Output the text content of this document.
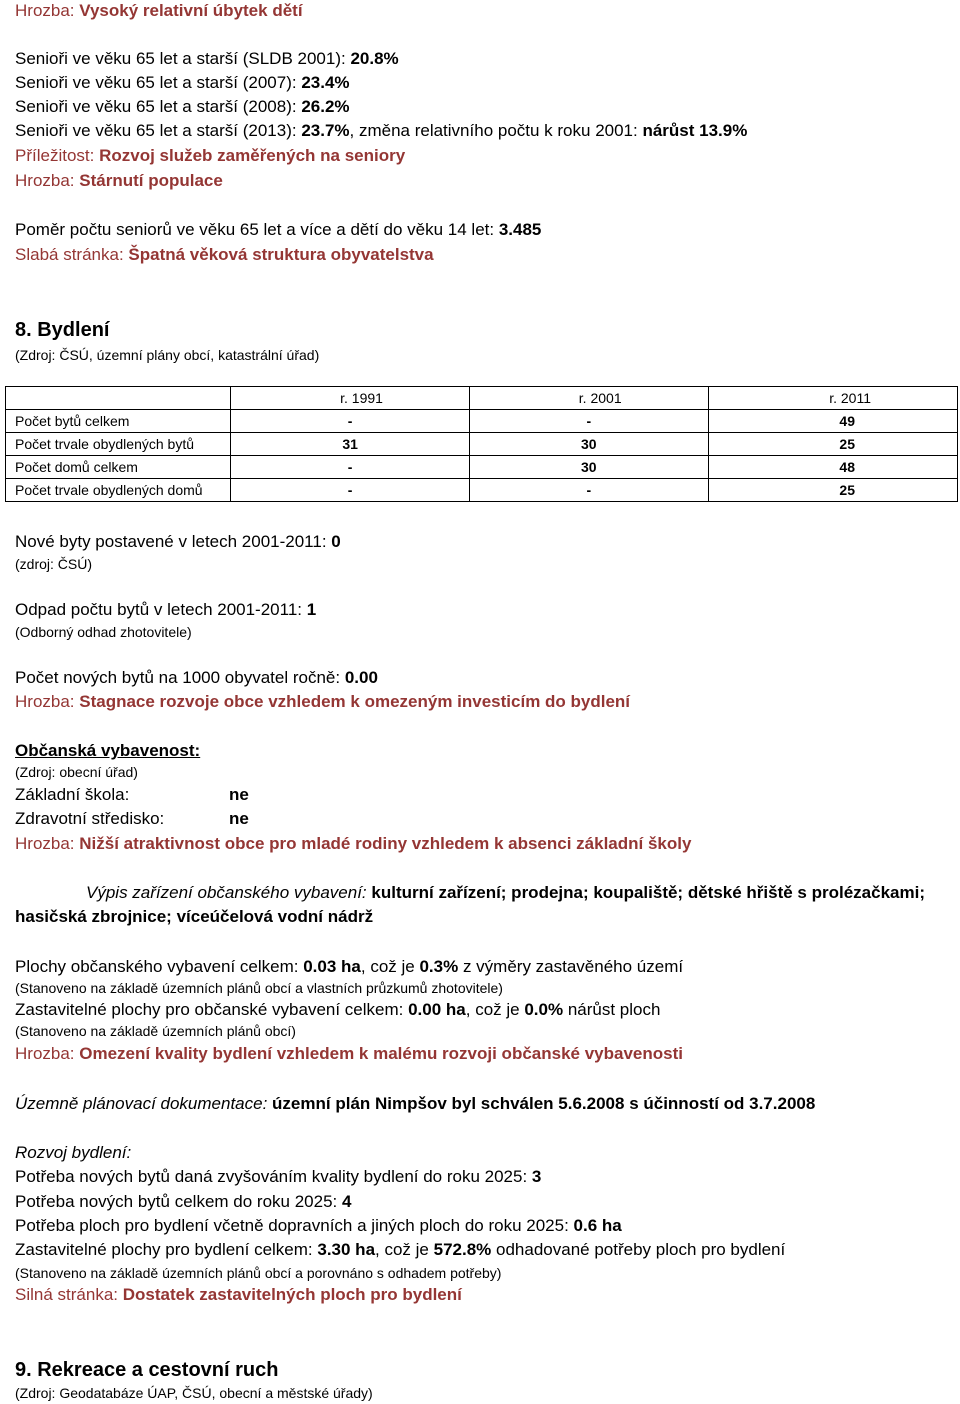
Hrozba: Vysoký relativní úbytek dětí
Senioři ve věku 65 let a starší (SLDB 2001): 20.8%
Senioři ve věku 65 let a starší (2007): 23.4%
Senioři ve věku 65 let a starší (2008): 26.2%
Senioři ve věku 65 let a starší (2013): 23.7%, změna relativního počtu k roku 2001: nárůst 13.9%
Příležitost: Rozvoj služeb zaměřených na seniory
Hrozba: Stárnutí populace
Poměr počtu seniorů ve věku 65 let a více a dětí do věku 14 let: 3.485
Slabá stránka: Špatná věková struktura obyvatelstva
8. Bydlení
(Zdroj: ČSÚ, územní plány obcí, katastrální úřad)
	r. 1991	r. 2001	r. 2011
Počet bytů celkem	-	-	49
Počet trvale obydlených bytů	31	30	25
Počet domů celkem	-	30	48
Počet trvale obydlených domů	-	-	25
Nové byty postavené v letech 2001-2011: 0
(zdroj: ČSÚ)
Odpad počtu bytů v letech 2001-2011: 1
(Odborný odhad zhotovitele)
Počet nových bytů na 1000 obyvatel ročně: 0.00
Hrozba: Stagnace rozvoje obce vzhledem k omezeným investicím do bydlení
Občanská vybavenost:
(Zdroj: obecní úřad)
Základní škola:	ne
Zdravotní středisko:	ne
Hrozba: Nižší atraktivnost obce pro mladé rodiny vzhledem k absenci základní školy
Výpis zařízení občanského vybavení: kulturní zařízení; prodejna; koupaliště; dětské hřiště s prolézačkami;
hasičská zbrojnice; víceúčelová vodní nádrž
Plochy občanského vybavení celkem: 0.03 ha, což je 0.3% z výměry zastavěného území
(Stanoveno na základě územních plánů obcí a vlastních průzkumů zhotovitele)
Zastavitelné plochy pro občanské vybavení celkem: 0.00 ha, což je 0.0% nárůst ploch
(Stanoveno na základě územních plánů obcí)
Hrozba: Omezení kvality bydlení vzhledem k malému rozvoji občanské vybavenosti
Územně plánovací dokumentace: územní plán Nimpšov byl schválen 5.6.2008 s účinností od 3.7.2008
Rozvoj bydlení:
Potřeba nových bytů daná zvyšováním kvality bydlení do roku 2025: 3
Potřeba nových bytů celkem do roku 2025: 4
Potřeba ploch pro bydlení včetně dopravních a jiných ploch do roku 2025: 0.6 ha
Zastavitelné plochy pro bydlení celkem: 3.30 ha, což je 572.8% odhadované potřeby ploch pro bydlení
(Stanoveno na základě územních plánů obcí a porovnáno s odhadem potřeby)
Silná stránka: Dostatek zastavitelných ploch pro bydlení
9. Rekreace a cestovní ruch
(Zdroj: Geodatabáze ÚAP, ČSÚ, obecní a městské úřady)
